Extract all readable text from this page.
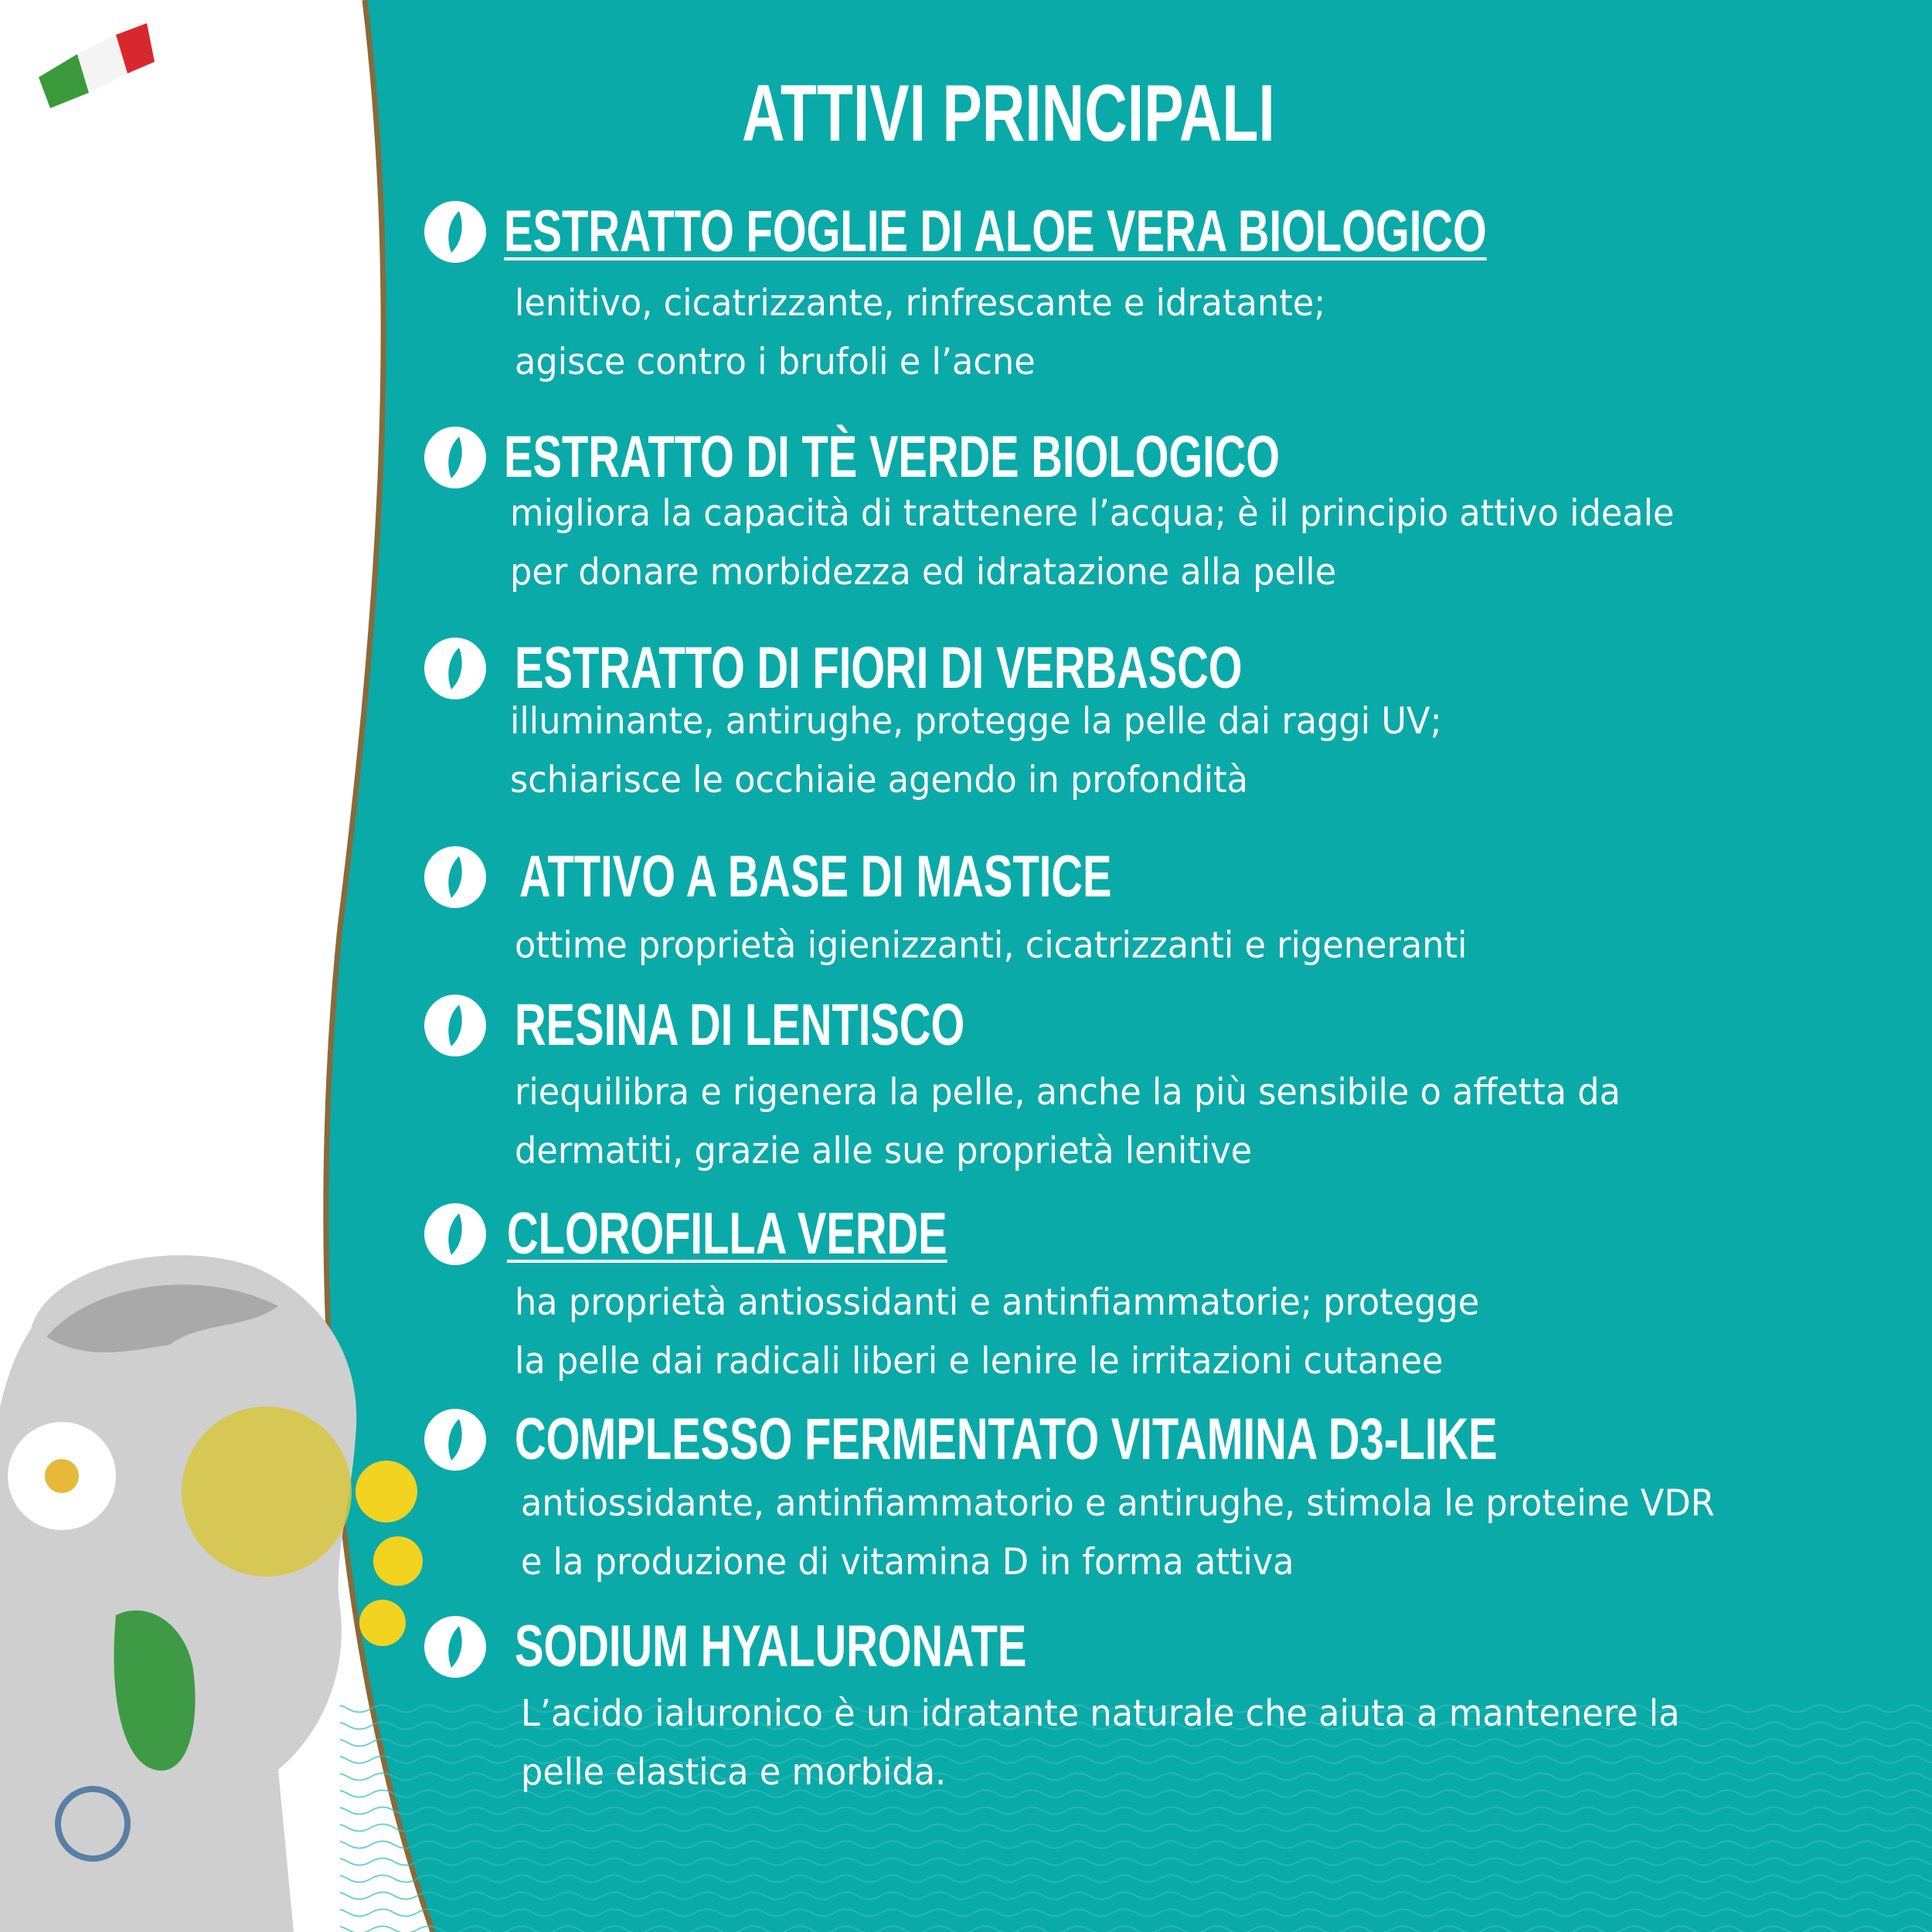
ATTIVI PRINCIPALI
ESTRATTO FOGLIE DI ALOE VERA BIOLOGICO
lenitivo, cicatrizzante, rinfrescante e idratante;
agisce contro i brufoli e l’acne
ESTRATTO DI TÈ VERDE BIOLOGICO
migliora la capacità di trattenere l’acqua; è il principio attivo ideale
per donare morbidezza ed idratazione alla pelle
ESTRATTO DI FIORI DI VERBASCO
illuminante, antirughe, protegge la pelle dai raggi UV;
schiarisce le occhiaie agendo in profondità
ATTIVO A BASE DI MASTICE
ottime proprietà igienizzanti, cicatrizzanti e rigeneranti
RESINA DI LENTISCO
riequilibra e rigenera la pelle, anche la più sensibile o affetta da
dermatiti, grazie alle sue proprietà lenitive
CLOROFILLA VERDE
ha proprietà antiossidanti e antinfiammatorie; protegge
la pelle dai radicali liberi e lenire le irritazioni cutanee
COMPLESSO FERMENTATO VITAMINA D3-LIKE
antiossidante, antinfiammatorio e antirughe, stimola le proteine VDR
e la produzione di vitamina D in forma attiva
SODIUM HYALURONATE
L’acido ialuronico è un idratante naturale che aiuta a mantenere la
pelle elastica e morbida.
